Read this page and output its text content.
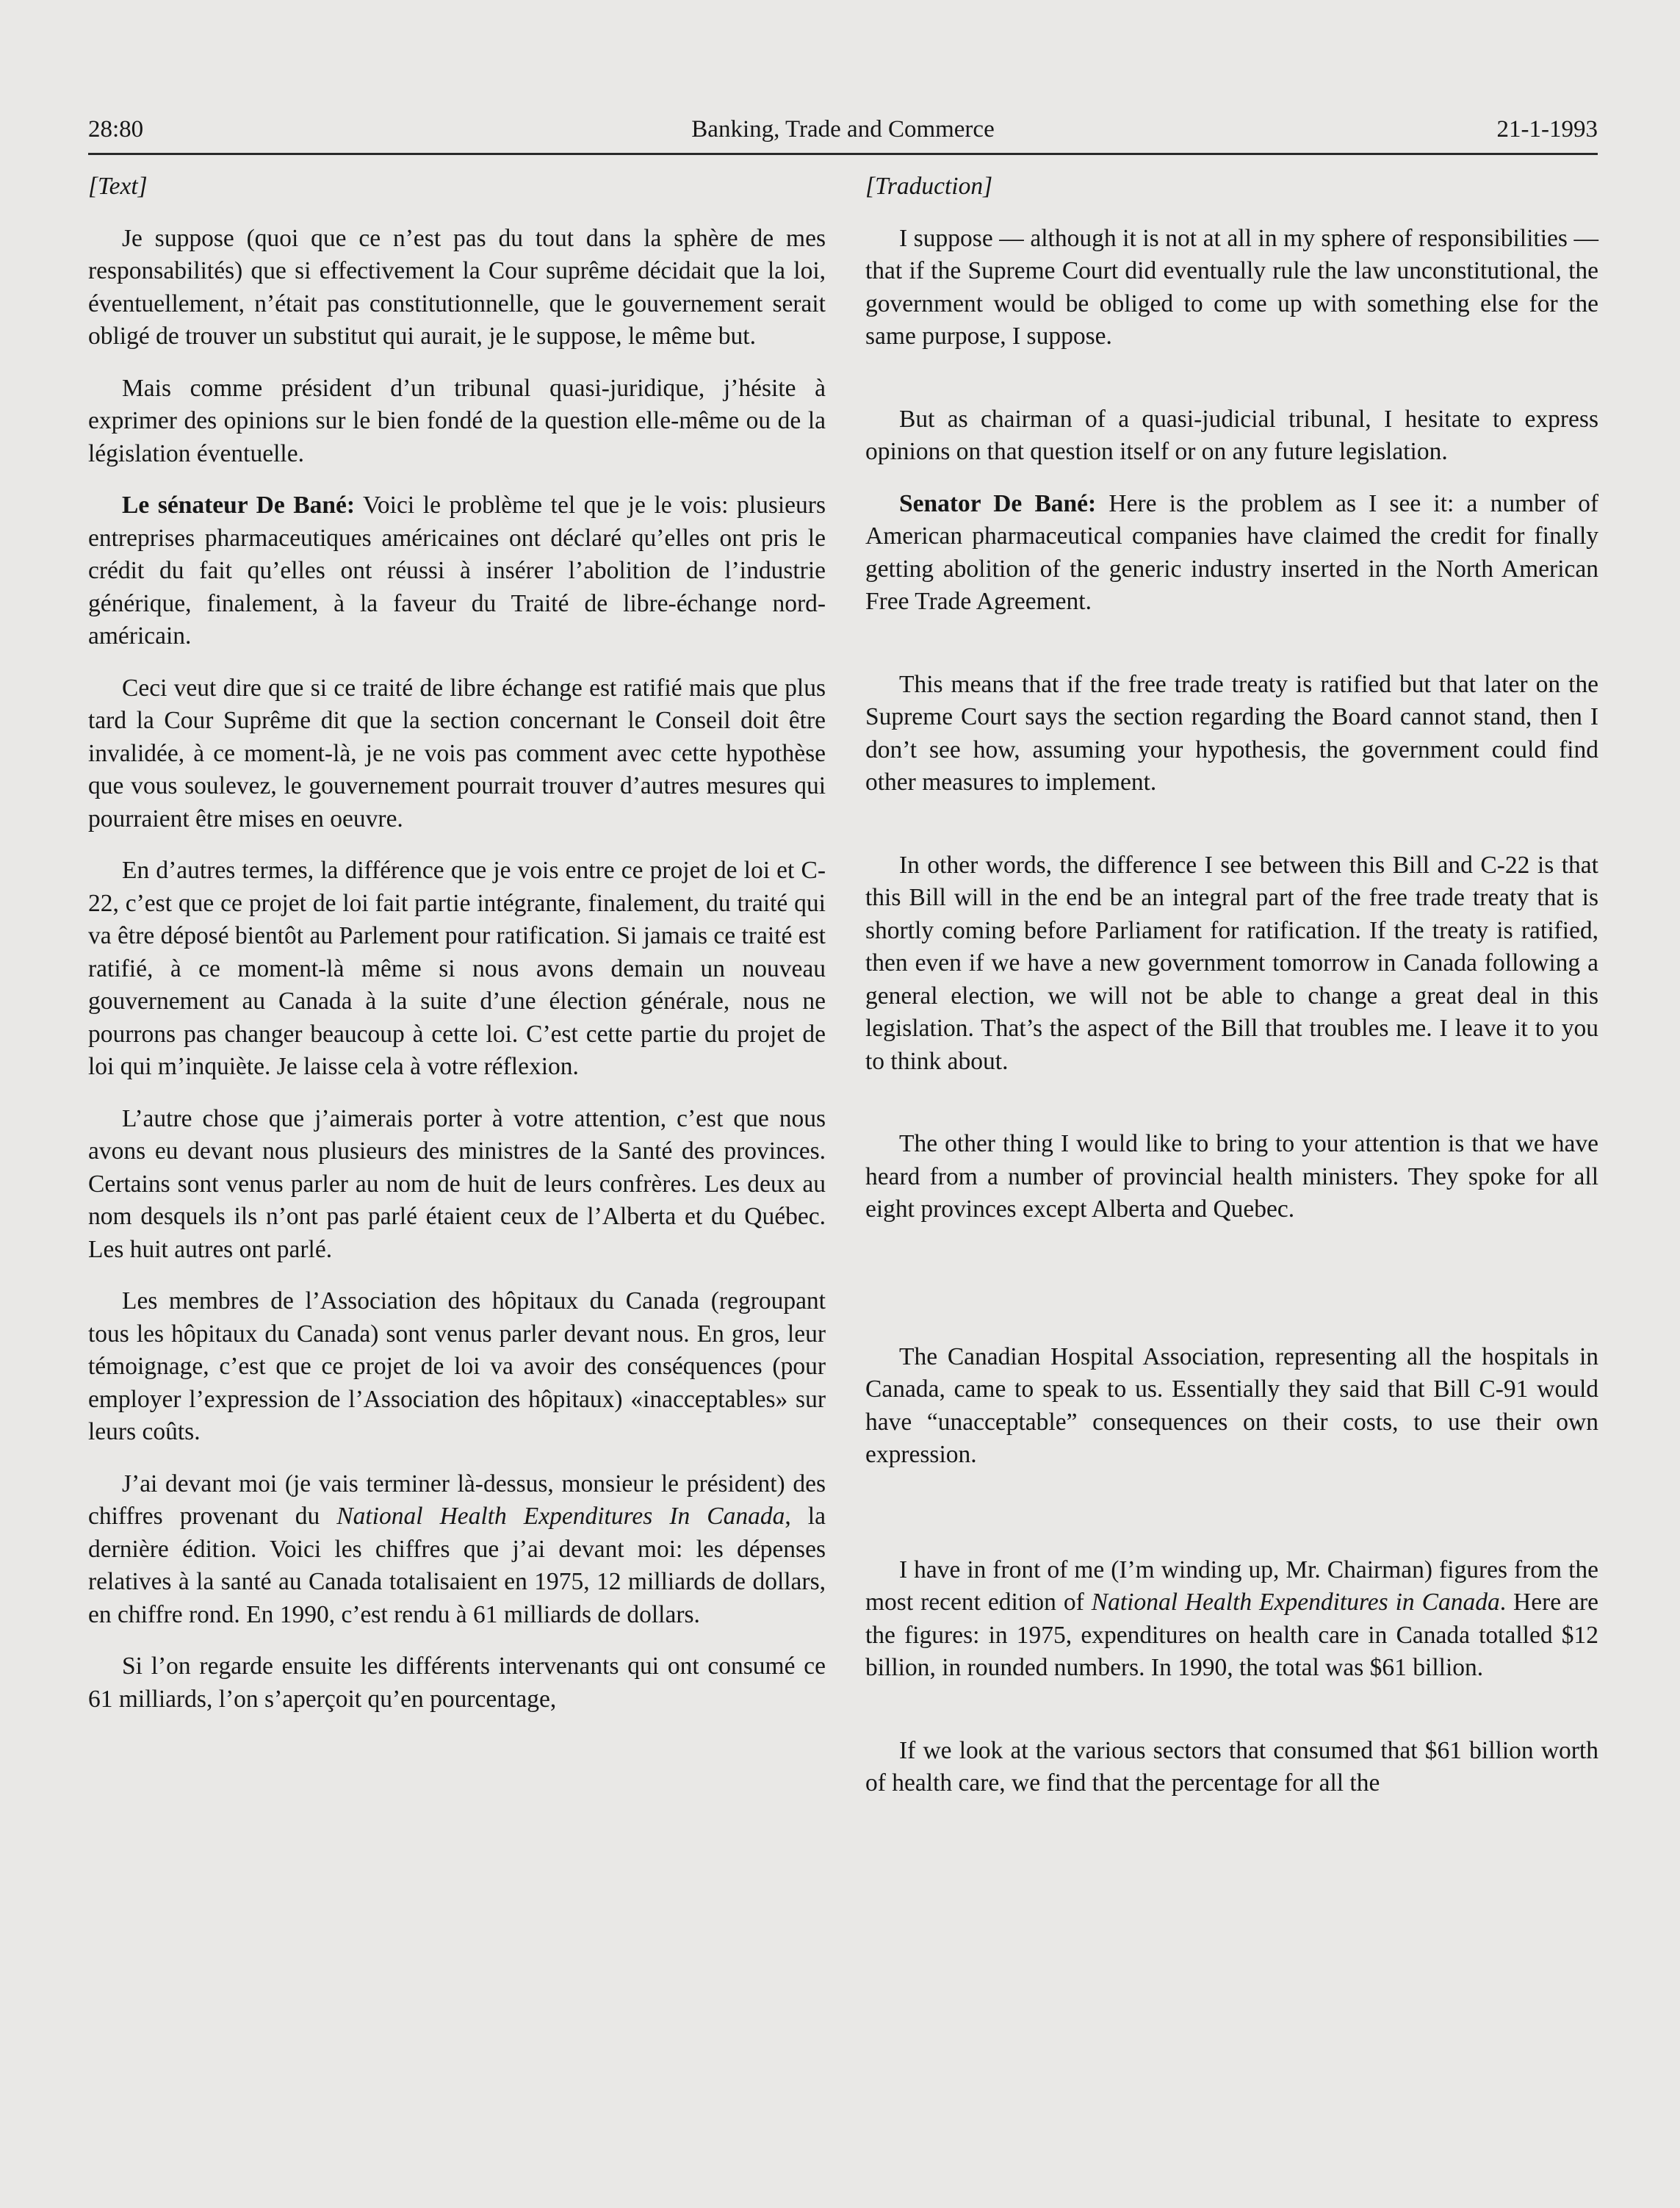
28:80	Banking, Trade and Commerce	21-1-1993

[Text]

Je suppose (quoi que ce n’est pas du tout dans la sphère de mes responsabilités) que si effectivement la Cour suprême décidait que la loi, éventuellement, n’était pas constitutionnelle, que le gouvernement serait obligé de trouver un substitut qui aurait, je le suppose, le même but.

Mais comme président d’un tribunal quasi-juridique, j’hésite à exprimer des opinions sur le bien fondé de la question elle-même ou de la législation éventuelle.

Le sénateur De Bané: Voici le problème tel que je le vois: plusieurs entreprises pharmaceutiques américaines ont déclaré qu’elles ont pris le crédit du fait qu’elles ont réussi à insérer l’abolition de l’industrie générique, finalement, à la faveur du Traité de libre-échange nord-américain.

Ceci veut dire que si ce traité de libre échange est ratifié mais que plus tard la Cour Suprême dit que la section concernant le Conseil doit être invalidée, à ce moment-là, je ne vois pas comment avec cette hypothèse que vous soulevez, le gouvernement pourrait trouver d’autres mesures qui pourraient être mises en oeuvre.

En d’autres termes, la différence que je vois entre ce projet de loi et C-22, c’est que ce projet de loi fait partie intégrante, finalement, du traité qui va être déposé bientôt au Parlement pour ratification. Si jamais ce traité est ratifié, à ce moment-là même si nous avons demain un nouveau gouvernement au Canada à la suite d’une élection générale, nous ne pourrons pas changer beaucoup à cette loi. C’est cette partie du projet de loi qui m’inquiète. Je laisse cela à votre réflexion.

L’autre chose que j’aimerais porter à votre attention, c’est que nous avons eu devant nous plusieurs des ministres de la Santé des provinces. Certains sont venus parler au nom de huit de leurs confrères. Les deux au nom desquels ils n’ont pas parlé étaient ceux de l’Alberta et du Québec. Les huit autres ont parlé.

Les membres de l’Association des hôpitaux du Canada (regroupant tous les hôpitaux du Canada) sont venus parler devant nous. En gros, leur témoignage, c’est que ce projet de loi va avoir des conséquences (pour employer l’expression de l’Association des hôpitaux) «inacceptables» sur leurs coûts.

J’ai devant moi (je vais terminer là-dessus, monsieur le président) des chiffres provenant du National Health Expenditures In Canada, la dernière édition. Voici les chiffres que j’ai devant moi: les dépenses relatives à la santé au Canada totalisaient en 1975, 12 milliards de dollars, en chiffre rond. En 1990, c’est rendu à 61 milliards de dollars.

Si l’on regarde ensuite les différents intervenants qui ont consumé ce 61 milliards, l’on s’aperçoit qu’en pourcentage,

[Traduction]

I suppose — although it is not at all in my sphere of responsibilities — that if the Supreme Court did eventually rule the law unconstitutional, the government would be obliged to come up with something else for the same purpose, I suppose.

But as chairman of a quasi-judicial tribunal, I hesitate to express opinions on that question itself or on any future legislation.

Senator De Bané: Here is the problem as I see it: a number of American pharmaceutical companies have claimed the credit for finally getting abolition of the generic industry inserted in the North American Free Trade Agreement.

This means that if the free trade treaty is ratified but that later on the Supreme Court says the section regarding the Board cannot stand, then I don’t see how, assuming your hypothesis, the government could find other measures to implement.

In other words, the difference I see between this Bill and C-22 is that this Bill will in the end be an integral part of the free trade treaty that is shortly coming before Parliament for ratification. If the treaty is ratified, then even if we have a new government tomorrow in Canada following a general election, we will not be able to change a great deal in this legislation. That’s the aspect of the Bill that troubles me. I leave it to you to think about.

The other thing I would like to bring to your attention is that we have heard from a number of provincial health ministers. They spoke for all eight provinces except Alberta and Quebec.

The Canadian Hospital Association, representing all the hospitals in Canada, came to speak to us. Essentially they said that Bill C-91 would have “unacceptable” consequences on their costs, to use their own expression.

I have in front of me (I’m winding up, Mr. Chairman) figures from the most recent edition of National Health Expenditures in Canada. Here are the figures: in 1975, expenditures on health care in Canada totalled $12 billion, in rounded numbers. In 1990, the total was $61 billion.

If we look at the various sectors that consumed that $61 billion worth of health care, we find that the percentage for all the
